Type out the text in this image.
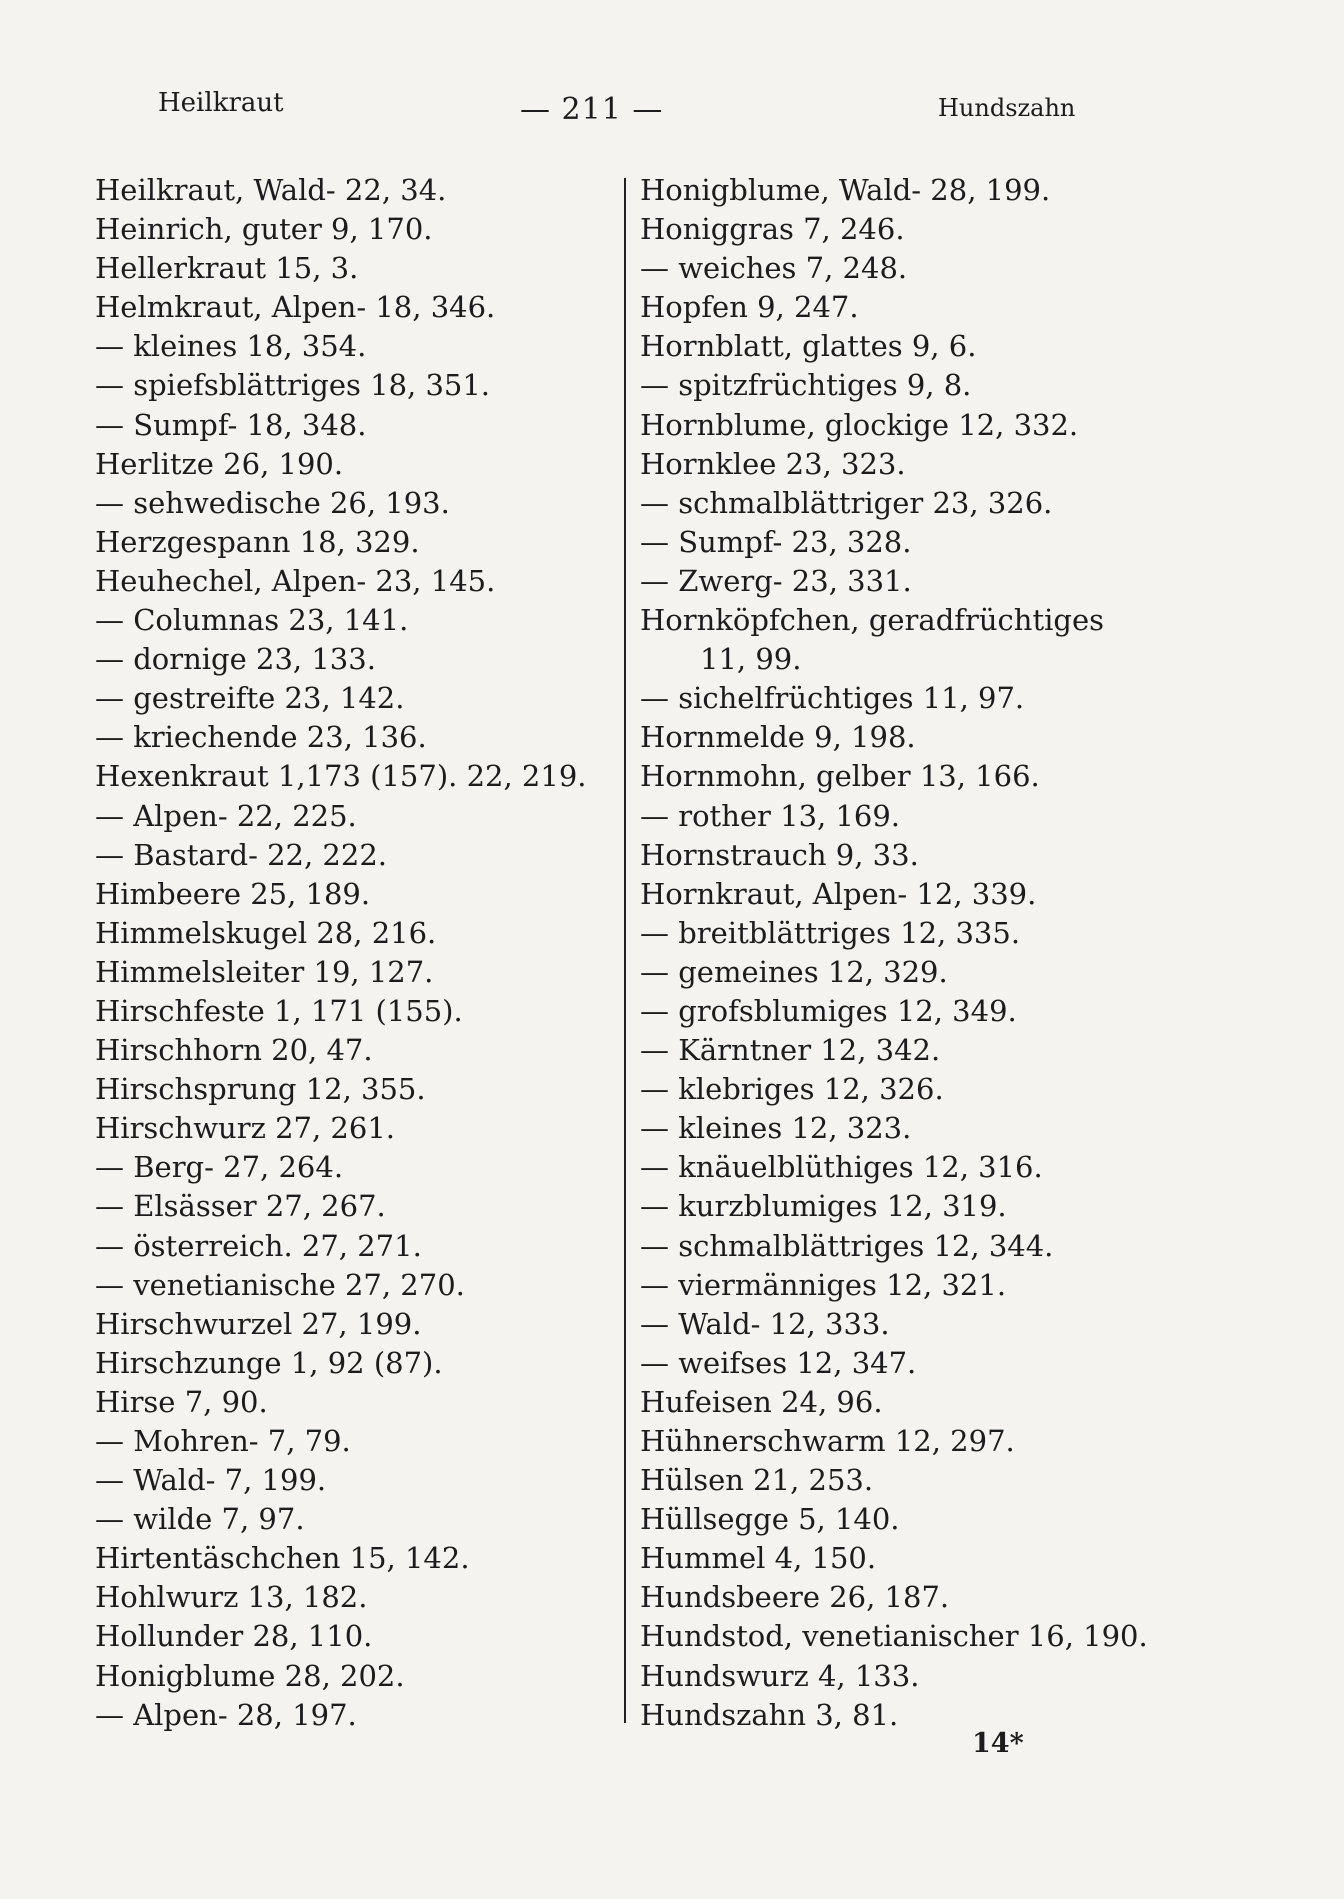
Heilkraut	— 211 —	Hundszahn
Heilkraut, Wald- 22, 34.
Heinrich, guter 9, 170.
Hellerkraut 15, 3.
Helmkraut, Alpen- 18, 346.
— kleines 18, 354.
— spiefsblättriges 18, 351.
— Sumpf- 18, 348.
Herlitze 26, 190.
— sehwedische 26, 193.
Herzgespann 18, 329.
Heuhechel, Alpen- 23, 145.
— Columnas 23, 141.
— dornige 23, 133.
— gestreifte 23, 142.
— kriechende 23, 136.
Hexenkraut 1,173 (157). 22, 219.
— Alpen- 22, 225.
— Bastard- 22, 222.
Himbeere 25, 189.
Himmelskugel 28, 216.
Himmelsleiter 19, 127.
Hirschfeste 1, 171 (155).
Hirschhorn 20, 47.
Hirschsprung 12, 355.
Hirschwurz 27, 261.
— Berg- 27, 264.
— Elsässer 27, 267.
— österreich. 27, 271.
— venetianische 27, 270.
Hirschwurzel 27, 199.
Hirschzunge 1, 92 (87).
Hirse 7, 90.
— Mohren- 7, 79.
— Wald- 7, 199.
— wilde 7, 97.
Hirtentäschchen 15, 142.
Hohlwurz 13, 182.
Hollunder 28, 110.
Honigblume 28, 202.
— Alpen- 28, 197.
Honigblume, Wald- 28, 199.
Honiggras 7, 246.
— weiches 7, 248.
Hopfen 9, 247.
Hornblatt, glattes 9, 6.
— spitzfrüchtiges 9, 8.
Hornblume, glockige 12, 332.
Hornklee 23, 323.
— schmalblättriger 23, 326.
— Sumpf- 23, 328.
— Zwerg- 23, 331.
Hornköpfchen, geradfrüchtiges
11, 99.
— sichelfrüchtiges 11, 97.
Hornmelde 9, 198.
Hornmohn, gelber 13, 166.
— rother 13, 169.
Hornstrauch 9, 33.
Hornkraut, Alpen- 12, 339.
— breitblättriges 12, 335.
— gemeines 12, 329.
— grofsblumiges 12, 349.
— Kärntner 12, 342.
— klebriges 12, 326.
— kleines 12, 323.
— knäuelblüthiges 12, 316.
— kurzblumiges 12, 319.
— schmalblättriges 12, 344.
— viermänniges 12, 321.
— Wald- 12, 333.
— weifses 12, 347.
Hufeisen 24, 96.
Hühnerschwarm 12, 297.
Hülsen 21, 253.
Hüllsegge 5, 140.
Hummel 4, 150.
Hundsbeere 26, 187.
Hundstod, venetianischer 16, 190.
Hundswurz 4, 133.
Hundszahn 3, 81.
14*
